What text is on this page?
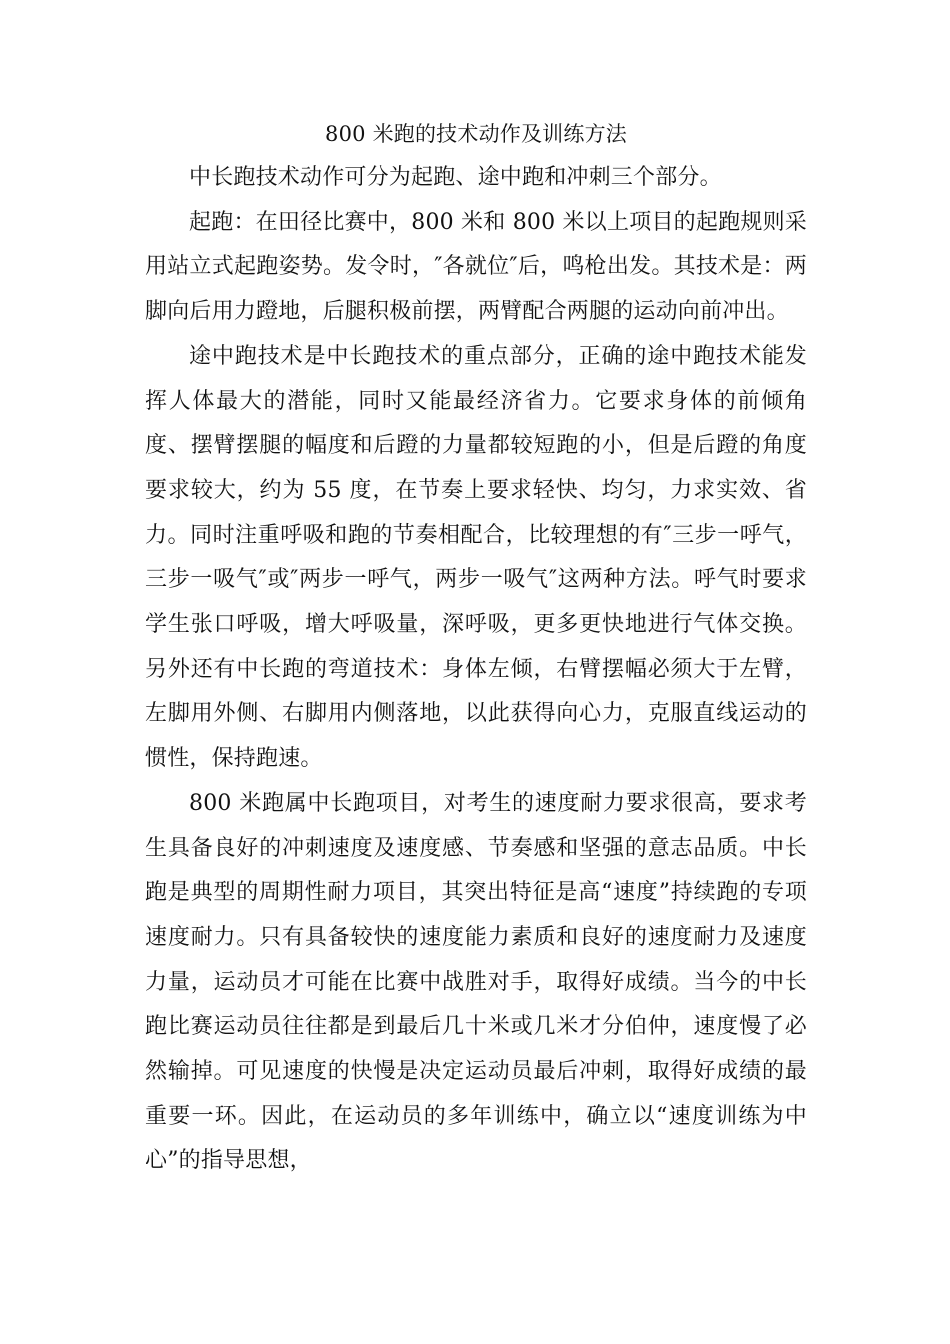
800 米跑的技术动作及训练方法

中长跑技术动作可分为起跑、途中跑和冲刺三个部分。

起跑：在田径比赛中，800 米和 800 米以上项目的起跑规则采用站立式起跑姿势。发令时，″各就位″后，鸣枪出发。其技术是：两脚向后用力蹬地，后腿积极前摆，两臂配合两腿的运动向前冲出。

途中跑技术是中长跑技术的重点部分，正确的途中跑技术能发挥人体最大的潜能，同时又能最经济省力。它要求身体的前倾角度、摆臂摆腿的幅度和后蹬的力量都较短跑的小，但是后蹬的角度要求较大，约为 55 度，在节奏上要求轻快、均匀，力求实效、省力。同时注重呼吸和跑的节奏相配合，比较理想的有″三步一呼气，三步一吸气″或″两步一呼气，两步一吸气″这两种方法。呼气时要求学生张口呼吸，增大呼吸量，深呼吸，更多更快地进行气体交换。另外还有中长跑的弯道技术：身体左倾，右臂摆幅必须大于左臂，左脚用外侧、右脚用内侧落地，以此获得向心力，克服直线运动的惯性，保持跑速。

800 米跑属中长跑项目，对考生的速度耐力要求很高，要求考生具备良好的冲刺速度及速度感、节奏感和坚强的意志品质。中长跑是典型的周期性耐力项目，其突出特征是高“速度”持续跑的专项速度耐力。只有具备较快的速度能力素质和良好的速度耐力及速度力量，运动员才可能在比赛中战胜对手，取得好成绩。当今的中长跑比赛运动员往往都是到最后几十米或几米才分伯仲，速度慢了必然输掉。可见速度的快慢是决定运动员最后冲刺，取得好成绩的最重要一环。因此，在运动员的多年训练中，确立以“速度训练为中心”的指导思想，
